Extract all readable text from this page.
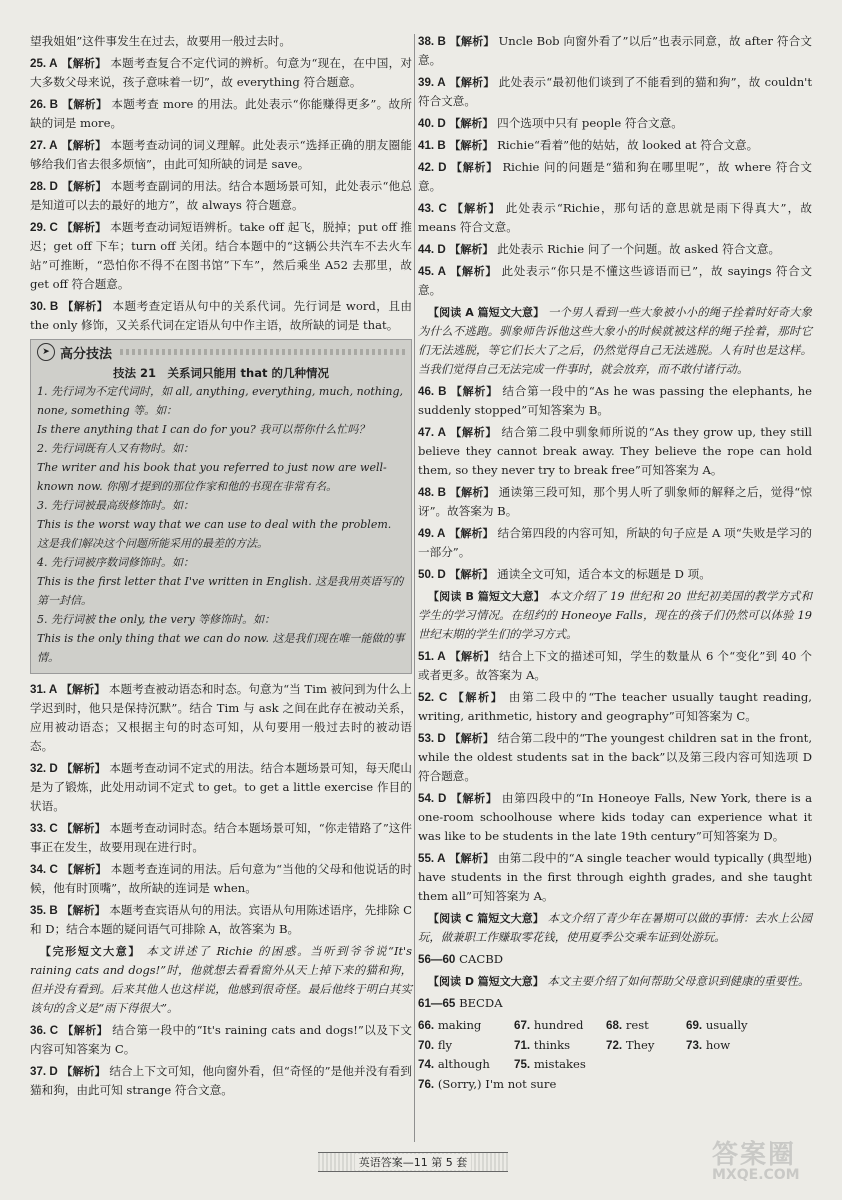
望我姐姐”这件事发生在过去，故要用一般过去时。
25. A 【解析】 本题考查复合不定代词的辨析。句意为“现在，在中国，对大多数父母来说，孩子意味着一切”，故 everything 符合题意。
26. B 【解析】 本题考查 more 的用法。此处表示“你能赚得更多”。故所缺的词是 more。
27. A 【解析】 本题考查动词的词义理解。此处表示“选择正确的朋友圈能够给我们省去很多烦恼”，由此可知所缺的词是 save。
28. D 【解析】 本题考查副词的用法。结合本题场景可知，此处表示“他总是知道可以去的最好的地方”，故 always 符合题意。
29. C 【解析】 本题考查动词短语辨析。take off 起飞，脱掉；put off 推迟；get off 下车；turn off 关闭。结合本题中的“这辆公共汽车不去火车站”可推断，“恐怕你不得不在图书馆”下车”，然后乘坐 A52 去那里，故 get off 符合题意。
30. B 【解析】 本题考查定语从句中的关系代词。先行词是 word，且由 the only 修饰，又关系代词在定语从句中作主语，故所缺的词是 that。
➤ 高分技法
技法 21　关系词只能用 that 的几种情况
1. 先行词为不定代词时，如 all, anything, everything, much, nothing, none, something 等。如：
Is there anything that I can do for you? 我可以帮你什么忙吗？
2. 先行词既有人又有物时。如：
The writer and his book that you referred to just now are well-known now. 你刚才提到的那位作家和他的书现在非常有名。
3. 先行词被最高级修饰时。如：
This is the worst way that we can use to deal with the problem. 这是我们解决这个问题所能采用的最差的方法。
4. 先行词被序数词修饰时。如：
This is the first letter that I've written in English. 这是我用英语写的第一封信。
5. 先行词被 the only, the very 等修饰时。如：
This is the only thing that we can do now. 这是我们现在唯一能做的事情。
31. A 【解析】 本题考查被动语态和时态。句意为“当 Tim 被问到为什么上学迟到时，他只是保持沉默”。结合 Tim 与 ask 之间在此存在被动关系，应用被动语态；又根据主句的时态可知，从句要用一般过去时的被动语态。
32. D 【解析】 本题考查动词不定式的用法。结合本题场景可知，每天爬山是为了锻炼，此处用动词不定式 to get。to get a little exercise 作目的状语。
33. C 【解析】 本题考查动词时态。结合本题场景可知，“你走错路了”这件事正在发生，故要用现在进行时。
34. C 【解析】 本题考查连词的用法。后句意为“当他的父母和他说话的时候，他有时顶嘴”，故所缺的连词是 when。
35. B 【解析】 本题考查宾语从句的用法。宾语从句用陈述语序，先排除 C 和 D；结合本题的疑问语气可排除 A，故答案为 B。
【完形短文大意】 本文讲述了 Richie 的困惑。当听到爷爷说“It's raining cats and dogs!”时，他就想去看看窗外从天上掉下来的猫和狗，但并没有看到。后来其他人也这样说，他感到很奇怪。最后他终于明白其实该句的含义是“雨下得很大”。
36. C 【解析】 结合第一段中的“It's raining cats and dogs!”以及下文内容可知答案为 C。
37. D 【解析】 结合上下文可知，他向窗外看，但“奇怪的”是他并没有看到猫和狗，由此可知 strange 符合文意。
38. B 【解析】 Uncle Bob 向窗外看了”以后”也表示同意，故 after 符合文意。
39. A 【解析】 此处表示“最初他们谈到了不能看到的猫和狗”，故 couldn't 符合文意。
40. D 【解析】 四个选项中只有 people 符合文意。
41. B 【解析】 Richie“看着”他的姑姑，故 looked at 符合文意。
42. D 【解析】 Richie 问的问题是“猫和狗在哪里呢”，故 where 符合文意。
43. C 【解析】 此处表示“Richie，那句话的意思就是雨下得真大”，故 means 符合文意。
44. D 【解析】 此处表示 Richie 问了一个问题。故 asked 符合文意。
45. A 【解析】 此处表示“你只是不懂这些谚语而已”，故 sayings 符合文意。
【阅读 A 篇短文大意】 一个男人看到一些大象被小小的绳子拴着时好奇大象为什么不逃跑。驯象师告诉他这些大象小的时候就被这样的绳子拴着，那时它们无法逃脱，等它们长大了之后，仍然觉得自己无法逃脱。人有时也是这样。当我们觉得自己无法完成一件事时，就会放弃，而不敢付诸行动。
46. B 【解析】 结合第一段中的“As he was passing the elephants, he suddenly stopped”可知答案为 B。
47. A 【解析】 结合第二段中驯象师所说的“As they grow up, they still believe they cannot break away. They believe the rope can hold them, so they never try to break free”可知答案为 A。
48. B 【解析】 通读第三段可知，那个男人听了驯象师的解释之后，觉得“惊讶”。故答案为 B。
49. A 【解析】 结合第四段的内容可知，所缺的句子应是 A 项“失败是学习的一部分”。
50. D 【解析】 通读全文可知，适合本文的标题是 D 项。
【阅读 B 篇短文大意】 本文介绍了 19 世纪和 20 世纪初美国的教学方式和学生的学习情况。在纽约的 Honeoye Falls，现在的孩子们仍然可以体验 19 世纪末期的学生们的学习方式。
51. A 【解析】 结合上下文的描述可知，学生的数量从 6 个“变化”到 40 个或者更多。故答案为 A。
52. C 【解析】 由第二段中的“The teacher usually taught reading, writing, arithmetic, history and geography”可知答案为 C。
53. D 【解析】 结合第二段中的“The youngest children sat in the front, while the oldest students sat in the back”以及第三段内容可知选项 D 符合题意。
54. D 【解析】 由第四段中的“In Honeoye Falls, New York, there is a one-room schoolhouse where kids today can experience what it was like to be students in the late 19th century”可知答案为 D。
55. A 【解析】 由第二段中的“A single teacher would typically (典型地) have students in the first through eighth grades, and she taught them all”可知答案为 A。
【阅读 C 篇短文大意】 本文介绍了青少年在暑期可以做的事情：去水上公园玩，做兼职工作赚取零花钱，使用夏季公交乘车证到处游玩。
56—60 CACBD
【阅读 D 篇短文大意】 本文主要介绍了如何帮助父母意识到健康的重要性。
61—65 BECDA
66. making	67. hundred	68. rest	69. usually
70. fly	71. thinks	72. They	73. how
74. although	75. mistakes
76. (Sorry,) I'm not sure
英语答案—11 第 5 套	答案圈
MXQE.COM
